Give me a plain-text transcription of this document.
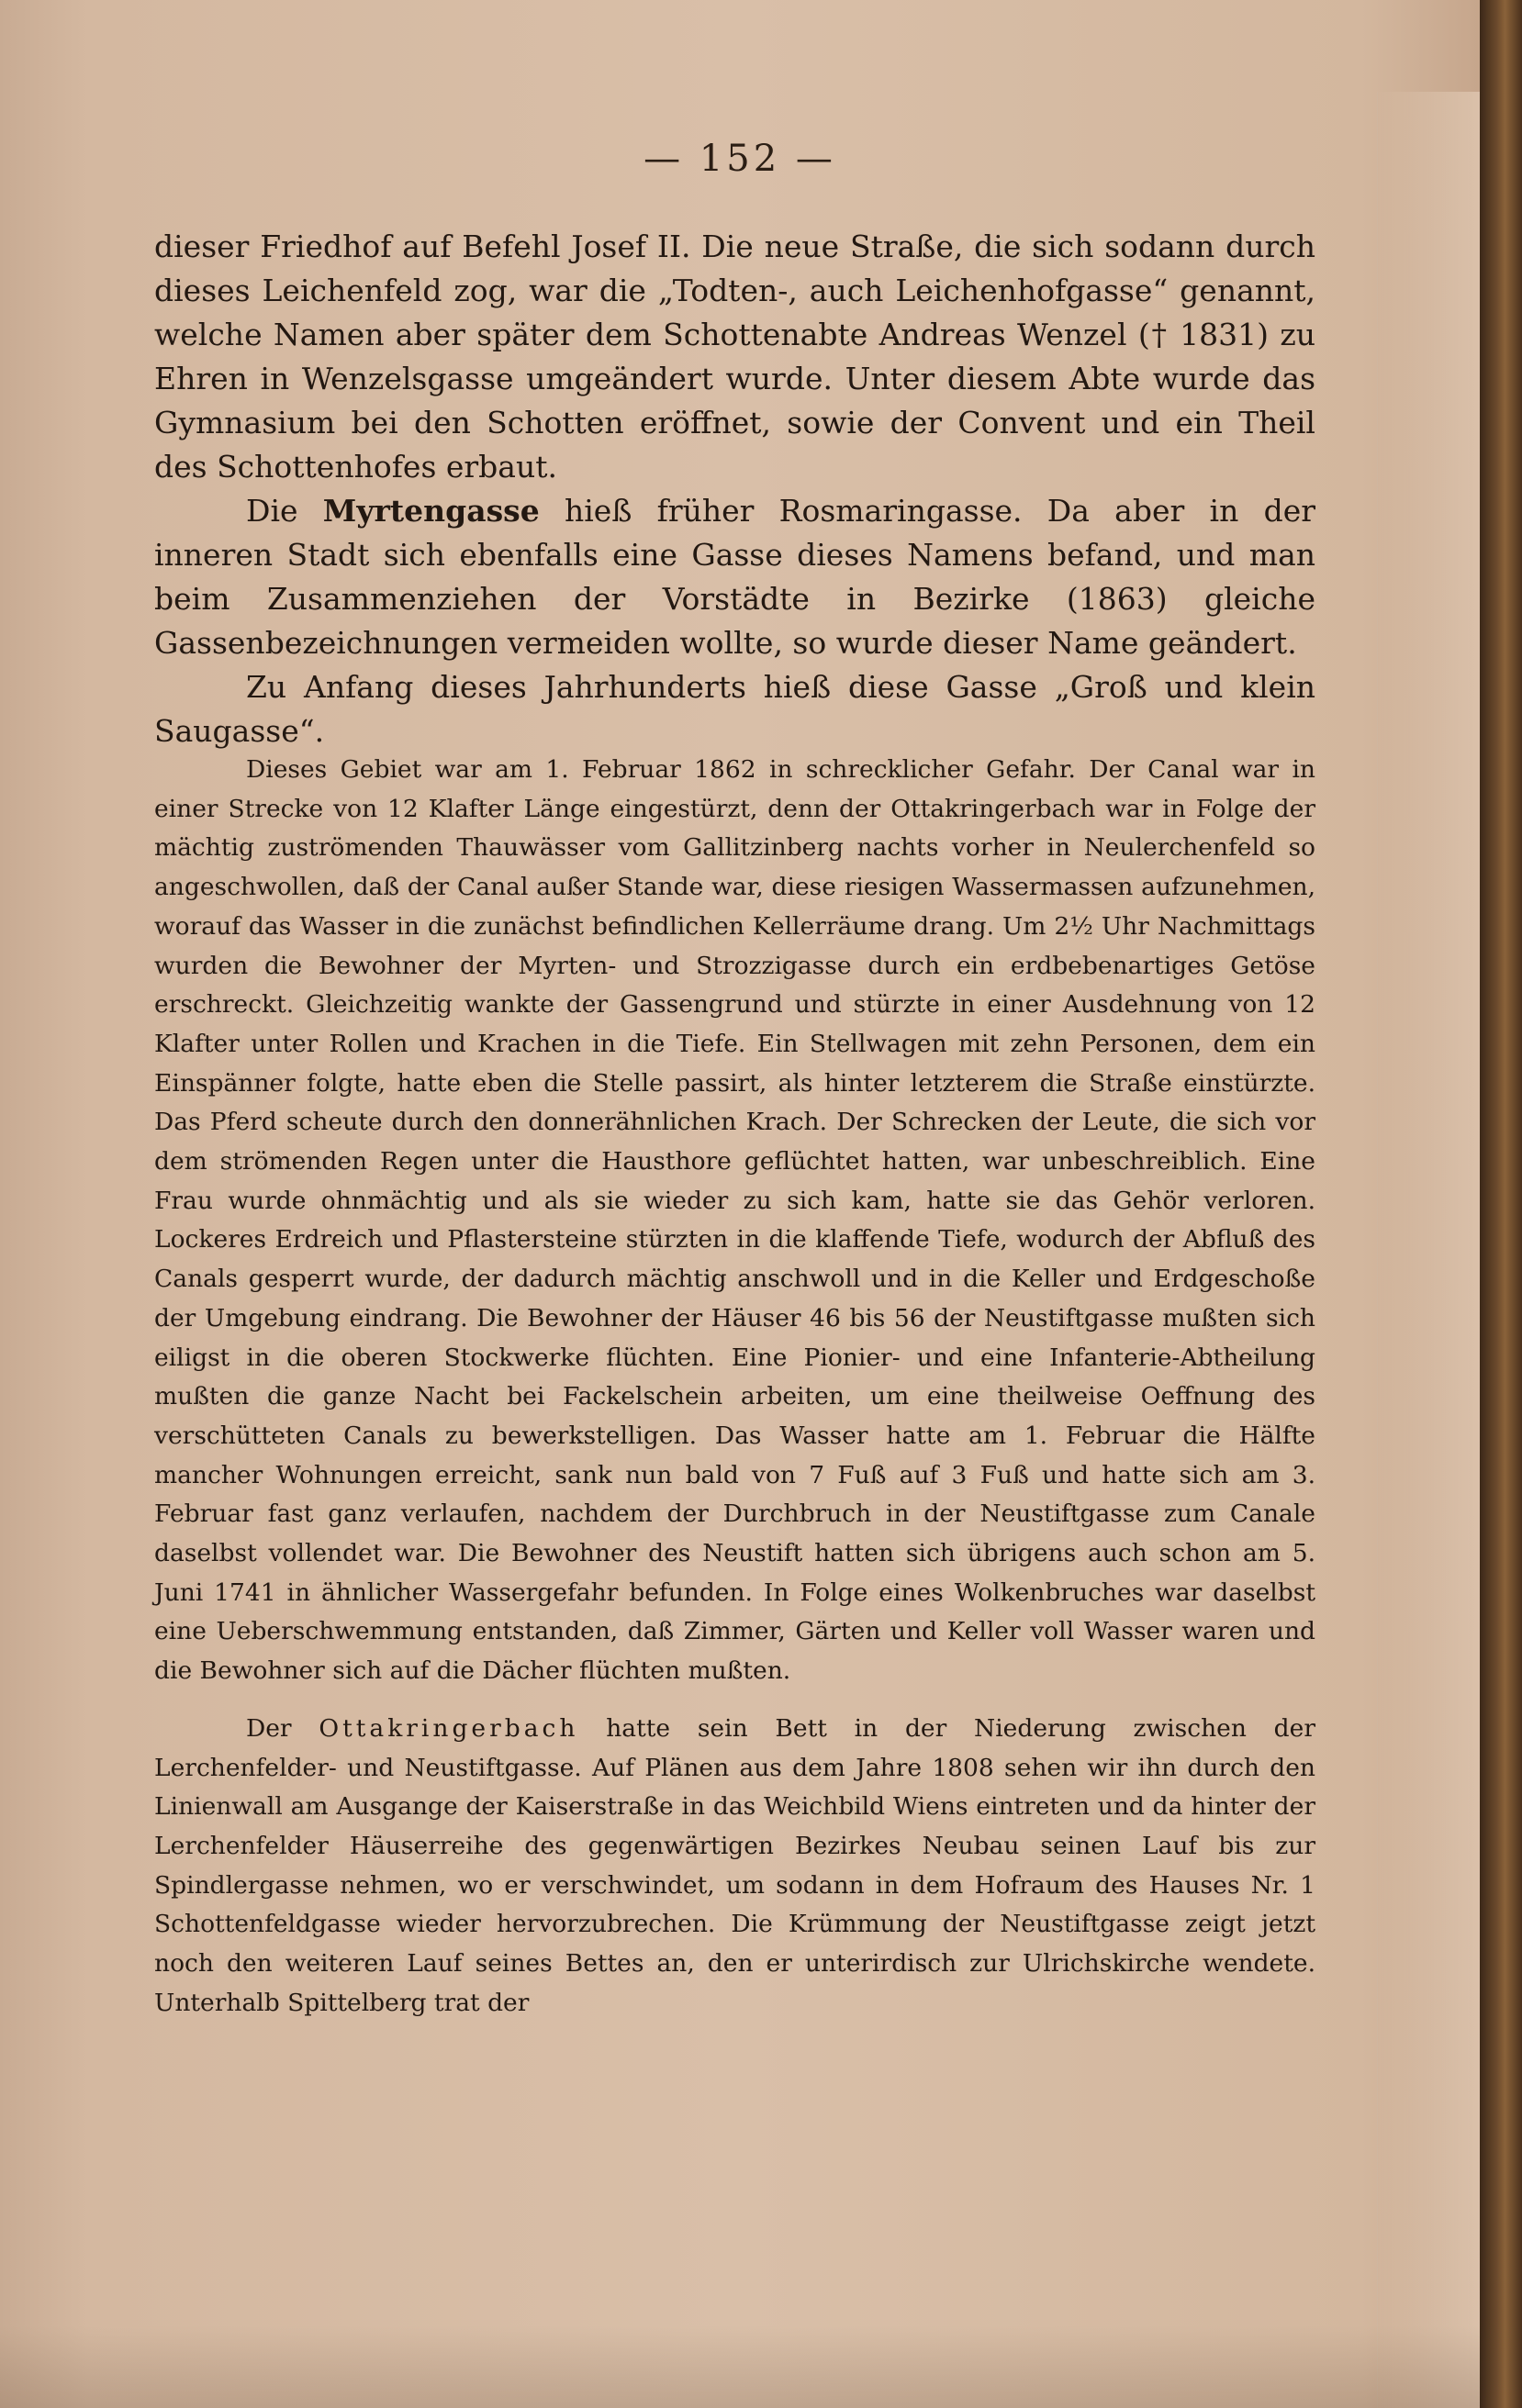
— 152 —

dieser Friedhof auf Befehl Josef II. Die neue Straße, die sich sodann durch dieses Leichenfeld zog, war die „Todten-, auch Leichenhofgasse“ genannt, welche Namen aber später dem Schottenabte Andreas Wenzel († 1831) zu Ehren in Wenzelsgasse umgeändert wurde. Unter diesem Abte wurde das Gymnasium bei den Schotten eröffnet, sowie der Convent und ein Theil des Schottenhofes erbaut.

Die Myrtengasse hieß früher Rosmaringasse. Da aber in der inneren Stadt sich ebenfalls eine Gasse dieses Namens befand, und man beim Zusammenziehen der Vorstädte in Bezirke (1863) gleiche Gassenbezeichnungen vermeiden wollte, so wurde dieser Name geändert.

Zu Anfang dieses Jahrhunderts hieß diese Gasse „Groß und klein Saugasse“.

Dieses Gebiet war am 1. Februar 1862 in schrecklicher Gefahr. Der Canal war in einer Strecke von 12 Klafter Länge eingestürzt, denn der Ottakringerbach war in Folge der mächtig zuströmenden Thauwässer vom Gallitzinberg nachts vorher in Neulerchenfeld so angeschwollen, daß der Canal außer Stande war, diese riesigen Wassermassen aufzunehmen, worauf das Wasser in die zunächst befindlichen Kellerräume drang. Um 2½ Uhr Nachmittags wurden die Bewohner der Myrten- und Strozzigasse durch ein erdbebenartiges Getöse erschreckt. Gleichzeitig wankte der Gassengrund und stürzte in einer Ausdehnung von 12 Klafter unter Rollen und Krachen in die Tiefe. Ein Stellwagen mit zehn Personen, dem ein Einspänner folgte, hatte eben die Stelle passirt, als hinter letzterem die Straße einstürzte. Das Pferd scheute durch den donnerähnlichen Krach. Der Schrecken der Leute, die sich vor dem strömenden Regen unter die Hausthore geflüchtet hatten, war unbeschreiblich. Eine Frau wurde ohnmächtig und als sie wieder zu sich kam, hatte sie das Gehör verloren. Lockeres Erdreich und Pflastersteine stürzten in die klaffende Tiefe, wodurch der Abfluß des Canals gesperrt wurde, der dadurch mächtig anschwoll und in die Keller und Erdgeschoße der Umgebung eindrang. Die Bewohner der Häuser 46 bis 56 der Neustiftgasse mußten sich eiligst in die oberen Stockwerke flüchten. Eine Pionier- und eine Infanterie-Abtheilung mußten die ganze Nacht bei Fackelschein arbeiten, um eine theilweise Oeffnung des verschütteten Canals zu bewerkstelligen. Das Wasser hatte am 1. Februar die Hälfte mancher Wohnungen erreicht, sank nun bald von 7 Fuß auf 3 Fuß und hatte sich am 3. Februar fast ganz verlaufen, nachdem der Durchbruch in der Neustiftgasse zum Canale daselbst vollendet war. Die Bewohner des Neustift hatten sich übrigens auch schon am 5. Juni 1741 in ähnlicher Wassergefahr befunden. In Folge eines Wolkenbruches war daselbst eine Ueberschwemmung entstanden, daß Zimmer, Gärten und Keller voll Wasser waren und die Bewohner sich auf die Dächer flüchten mußten.

Der Ottakringerbach hatte sein Bett in der Niederung zwischen der Lerchenfelder- und Neustiftgasse. Auf Plänen aus dem Jahre 1808 sehen wir ihn durch den Linienwall am Ausgange der Kaiserstraße in das Weichbild Wiens eintreten und da hinter der Lerchenfelder Häuserreihe des gegenwärtigen Bezirkes Neubau seinen Lauf bis zur Spindlergasse nehmen, wo er verschwindet, um sodann in dem Hofraum des Hauses Nr. 1 Schottenfeldgasse wieder hervorzubrechen. Die Krümmung der Neustiftgasse zeigt jetzt noch den weiteren Lauf seines Bettes an, den er unterirdisch zur Ulrichskirche wendete. Unterhalb Spittelberg trat der
